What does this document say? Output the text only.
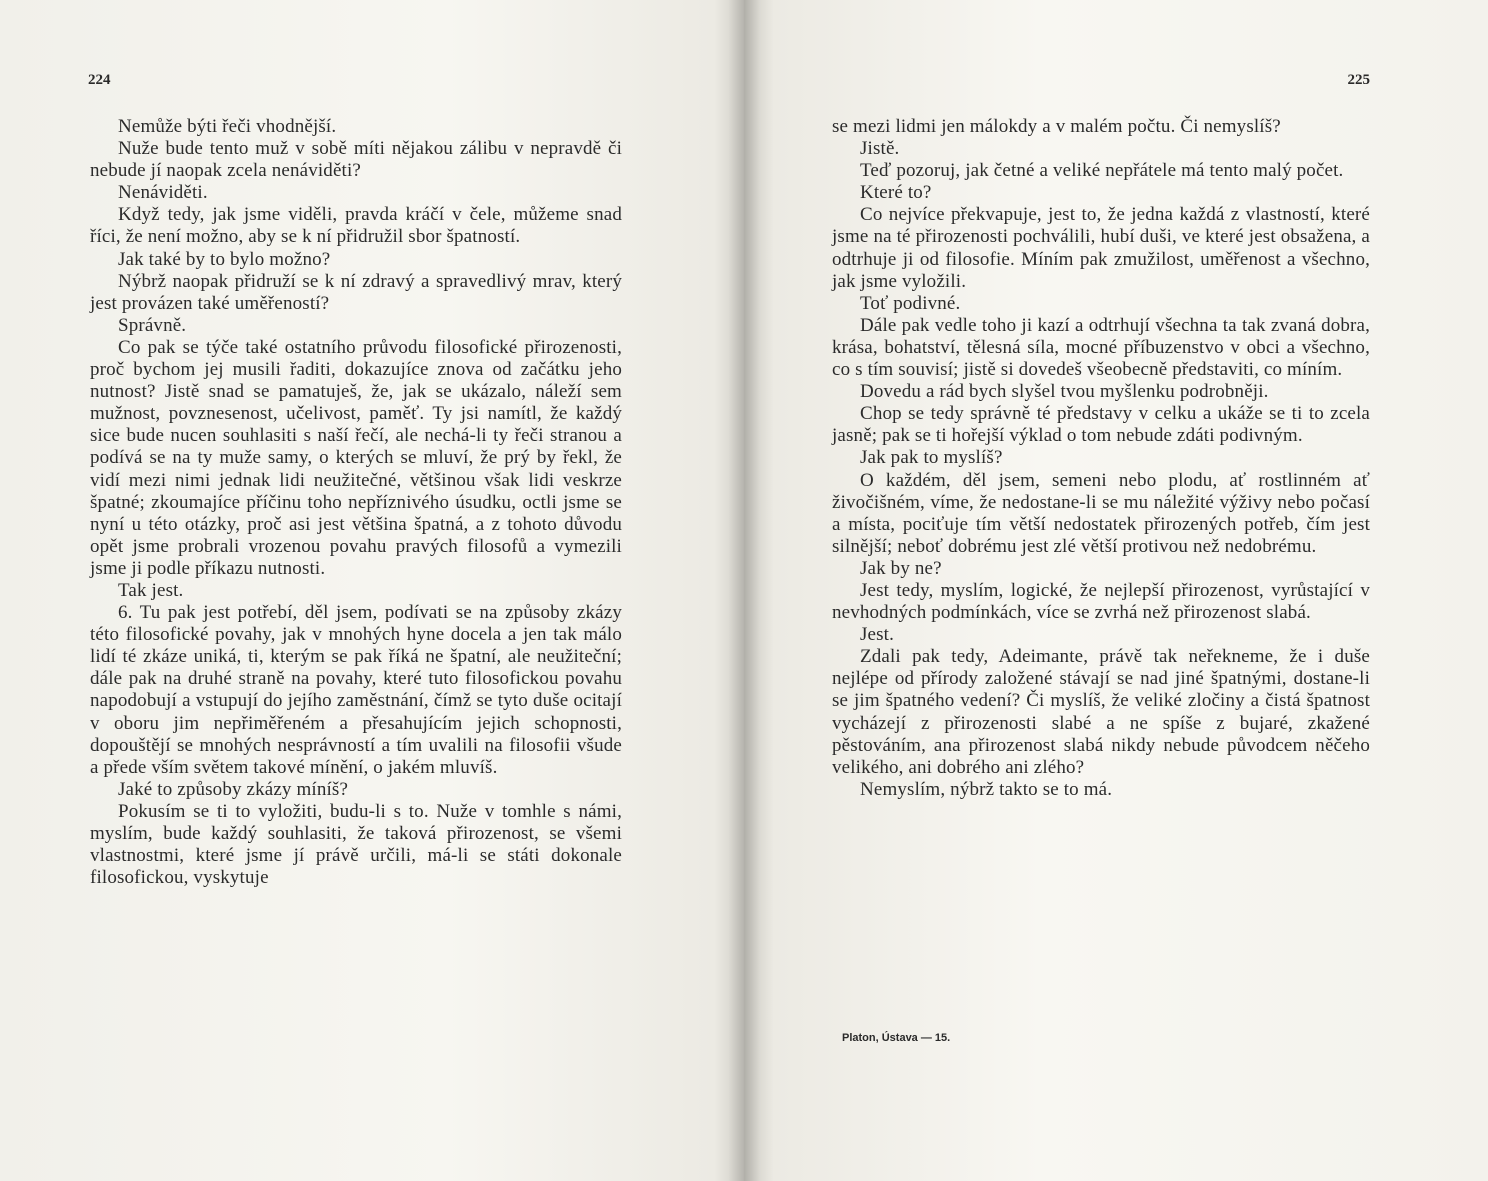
224

Nemůže býti řeči vhodnější.

Nuže bude tento muž v sobě míti nějakou zálibu v nepravdě či nebude jí naopak zcela nenáviděti?

Nenáviděti.

Když tedy, jak jsme viděli, pravda kráčí v čele, můžeme snad říci, že není možno, aby se k ní přidružil sbor špatností.

Jak také by to bylo možno?

Nýbrž naopak přidruží se k ní zdravý a spravedlivý mrav, který jest provázen také uměřeností?

Správně.

Co pak se týče také ostatního průvodu filosofické přirozenosti, proč bychom jej musili řaditi, dokazujíce znova od začátku jeho nutnost? Jistě snad se pamatuješ, že, jak se ukázalo, náleží sem mužnost, povznesenost, učelivost, paměť. Ty jsi namítl, že každý sice bude nucen souhlasiti s naší řečí, ale nechá-li ty řeči stranou a podívá se na ty muže samy, o kterých se mluví, že prý by řekl, že vidí mezi nimi jednak lidi neužitečné, většinou však lidi veskrze špatné; zkoumajíce příčinu toho nepříznivého úsudku, octli jsme se nyní u této otázky, proč asi jest většina špatná, a z tohoto důvodu opět jsme probrali vrozenou povahu pravých filosofů a vymezili jsme ji podle příkazu nutnosti.

Tak jest.

6. Tu pak jest potřebí, děl jsem, podívati se na způsoby zkázy této filosofické povahy, jak v mnohých hyne docela a jen tak málo lidí té zkáze uniká, ti, kterým se pak říká ne špatní, ale neužiteční; dále pak na druhé straně na povahy, které tuto filosofickou povahu napodobují a vstupují do jejího zaměstnání, čímž se tyto duše ocitají v oboru jim nepřiměřeném a přesahujícím jejich schopnosti, dopouštějí se mnohých nesprávností a tím uvalili na filosofii všude a přede vším světem takové mínění, o jakém mluvíš.

Jaké to způsoby zkázy míníš?

Pokusím se ti to vyložiti, budu-li s to. Nuže v tomhle s námi, myslím, bude každý souhlasiti, že taková přirozenost, se všemi vlastnostmi, které jsme jí právě určili, má-li se státi dokonale filosofickou, vyskytuje

225

se mezi lidmi jen málokdy a v malém počtu. Či nemyslíš?

Jistě.

Teď pozoruj, jak četné a veliké nepřátele má tento malý počet.

Které to?

Co nejvíce překvapuje, jest to, že jedna každá z vlastností, které jsme na té přirozenosti pochválili, hubí duši, ve které jest obsažena, a odtrhuje ji od filosofie. Míním pak zmužilost, uměřenost a všechno, jak jsme vyložili.

Toť podivné.

Dále pak vedle toho ji kazí a odtrhují všechna ta tak zvaná dobra, krása, bohatství, tělesná síla, mocné příbuzenstvo v obci a všechno, co s tím souvisí; jistě si dovedeš všeobecně představiti, co míním.

Dovedu a rád bych slyšel tvou myšlenku podrobněji.

Chop se tedy správně té představy v celku a ukáže se ti to zcela jasně; pak se ti hořejší výklad o tom nebude zdáti podivným.

Jak pak to myslíš?

O každém, děl jsem, semeni nebo plodu, ať rostlinném ať živočišném, víme, že nedostane-li se mu náležité výživy nebo počasí a místa, pociťuje tím větší nedostatek přirozených potřeb, čím jest silnější; neboť dobrému jest zlé větší protivou než nedobrému.

Jak by ne?

Jest tedy, myslím, logické, že nejlepší přirozenost, vyrůstající v nevhodných podmínkách, více se zvrhá než přirozenost slabá.

Jest.

Zdali pak tedy, Adeimante, právě tak neřekneme, že i duše nejlépe od přírody založené stávají se nad jiné špatnými, dostane-li se jim špatného vedení? Či myslíš, že veliké zločiny a čistá špatnost vycházejí z přirozenosti slabé a ne spíše z bujaré, zkažené pěstováním, ana přirozenost slabá nikdy nebude původcem něčeho velikého, ani dobrého ani zlého?

Nemyslím, nýbrž takto se to má.

Platon, Ústava — 15.
